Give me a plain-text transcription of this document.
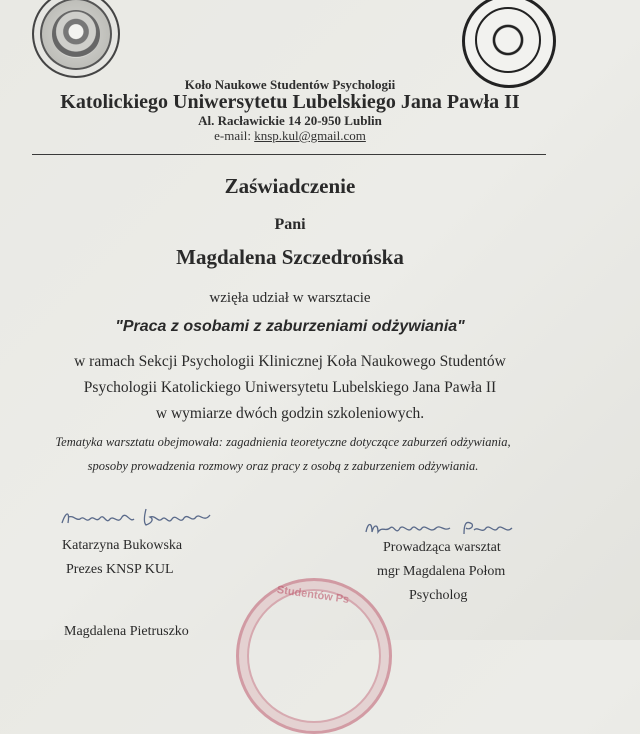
Koło Naukowe Studentów Psychologii
Katolickiego Uniwersytetu Lubelskiego Jana Pawła II
Al. Racławickie 14 20-950 Lublin
e-mail: knsp.kul@gmail.com
Zaświadczenie
Pani
Magdalena Szczedrońska
wzięła udział w warsztacie
"Praca z osobami z zaburzeniami odżywiania"
w ramach Sekcji Psychologii Klinicznej Koła Naukowego Studentów
Psychologii Katolickiego Uniwersytetu Lubelskiego Jana Pawła II
w wymiarze dwóch godzin szkoleniowych.
Tematyka warsztatu obejmowała: zagadnienia teoretyczne dotyczące zaburzeń odżywiania,
sposoby prowadzenia rozmowy oraz pracy z osobą z zaburzeniem odżywiania.
Katarzyna Bukowska
Prezes KNSP KUL
Prowadząca warsztat
mgr Magdalena Połom
Psycholog
Magdalena Pietruszko
Studentów Ps
